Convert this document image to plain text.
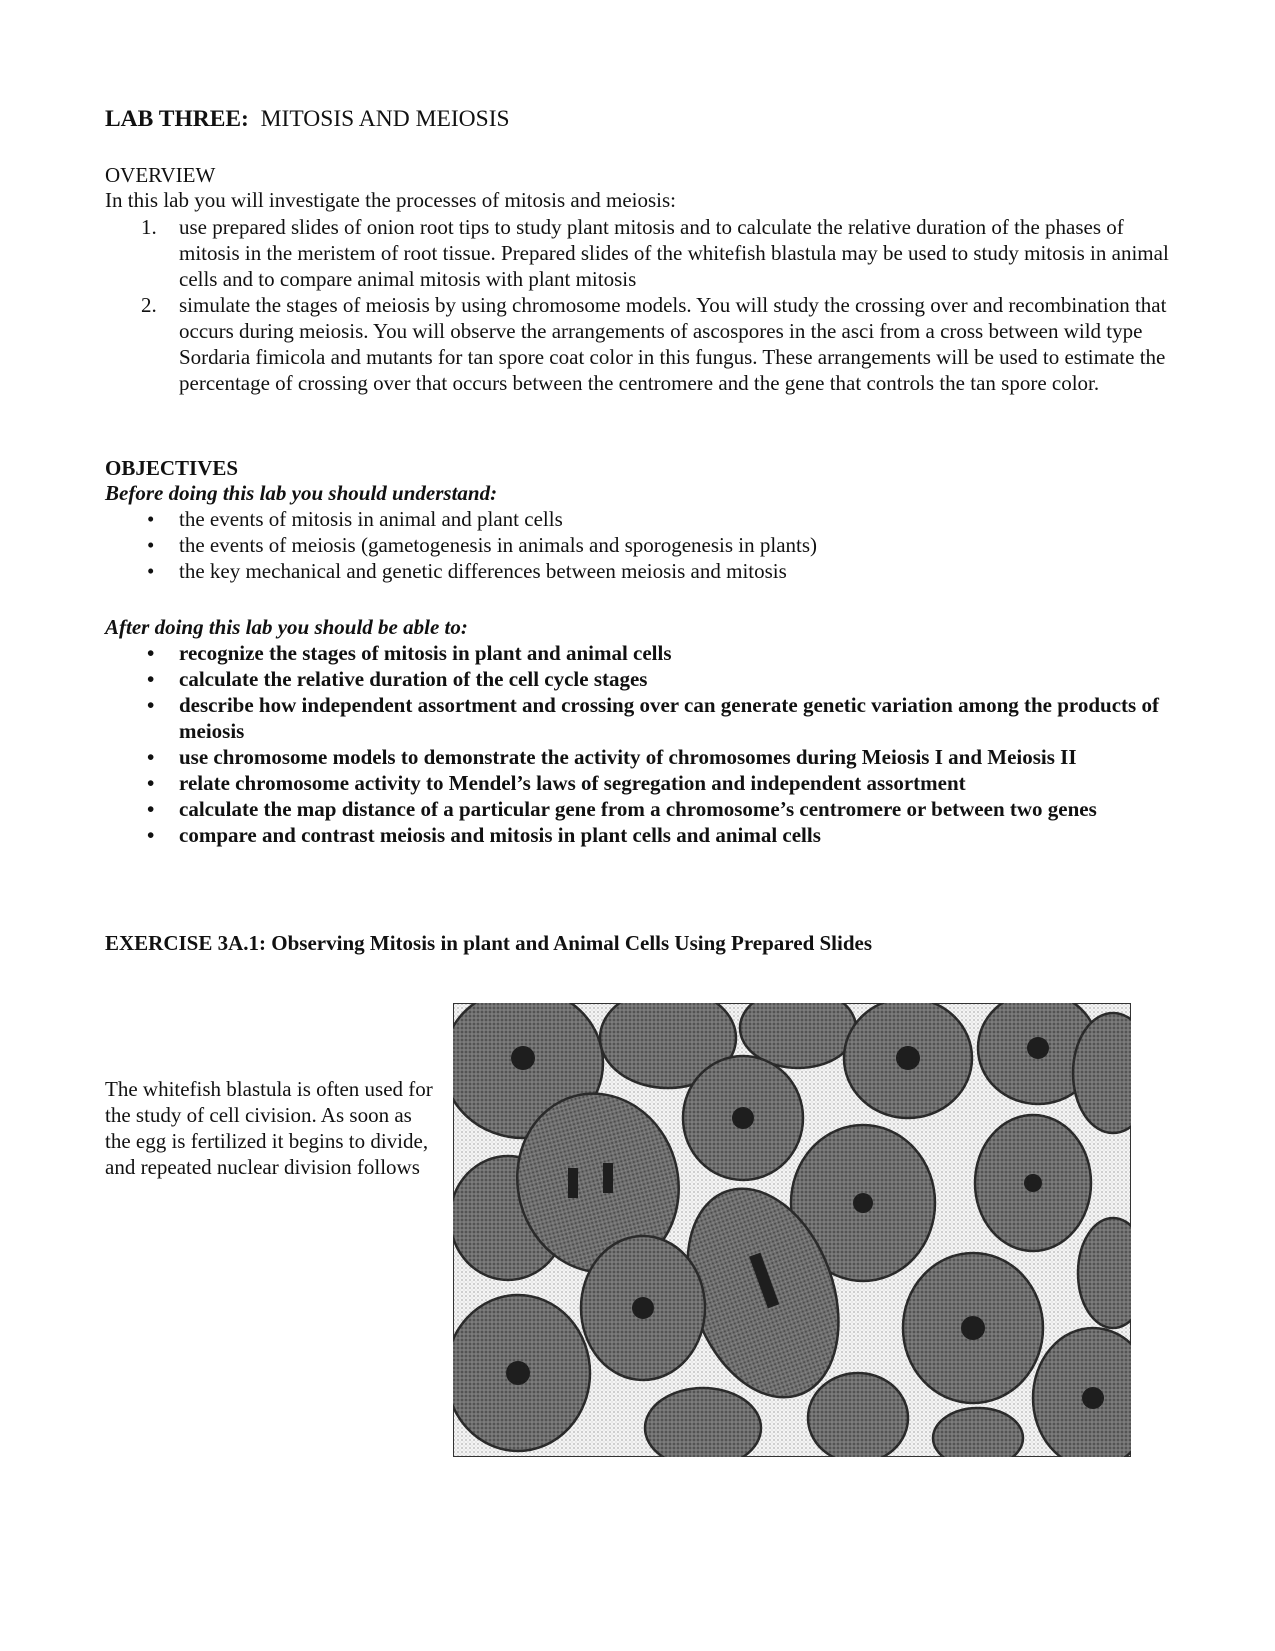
LAB THREE: MITOSIS AND MEIOSIS
OVERVIEW
In this lab you will investigate the processes of mitosis and meiosis:
1. use prepared slides of onion root tips to study plant mitosis and to calculate the relative duration of the phases of mitosis in the meristem of root tissue. Prepared slides of the whitefish blastula may be used to study mitosis in animal cells and to compare animal mitosis with plant mitosis
2. simulate the stages of meiosis by using chromosome models. You will study the crossing over and recombination that occurs during meiosis. You will observe the arrangements of ascospores in the asci from a cross between wild type Sordaria fimicola and mutants for tan spore coat color in this fungus. These arrangements will be used to estimate the percentage of crossing over that occurs between the centromere and the gene that controls the tan spore color.
OBJECTIVES
Before doing this lab you should understand:
• the events of mitosis in animal and plant cells
• the events of meiosis (gametogenesis in animals and sporogenesis in plants)
• the key mechanical and genetic differences between meiosis and mitosis
After doing this lab you should be able to:
• recognize the stages of mitosis in plant and animal cells
• calculate the relative duration of the cell cycle stages
• describe how independent assortment and crossing over can generate genetic variation among the products of meiosis
• use chromosome models to demonstrate the activity of chromosomes during Meiosis I and Meiosis II
• relate chromosome activity to Mendel’s laws of segregation and independent assortment
• calculate the map distance of a particular gene from a chromosome’s centromere or between two genes
• compare and contrast meiosis and mitosis in plant cells and animal cells
EXERCISE 3A.1: Observing Mitosis in plant and Animal Cells Using Prepared Slides
The whitefish blastula is often used for the study of cell civision. As soon as the egg is fertilized it begins to divide, and repeated nuclear division follows
